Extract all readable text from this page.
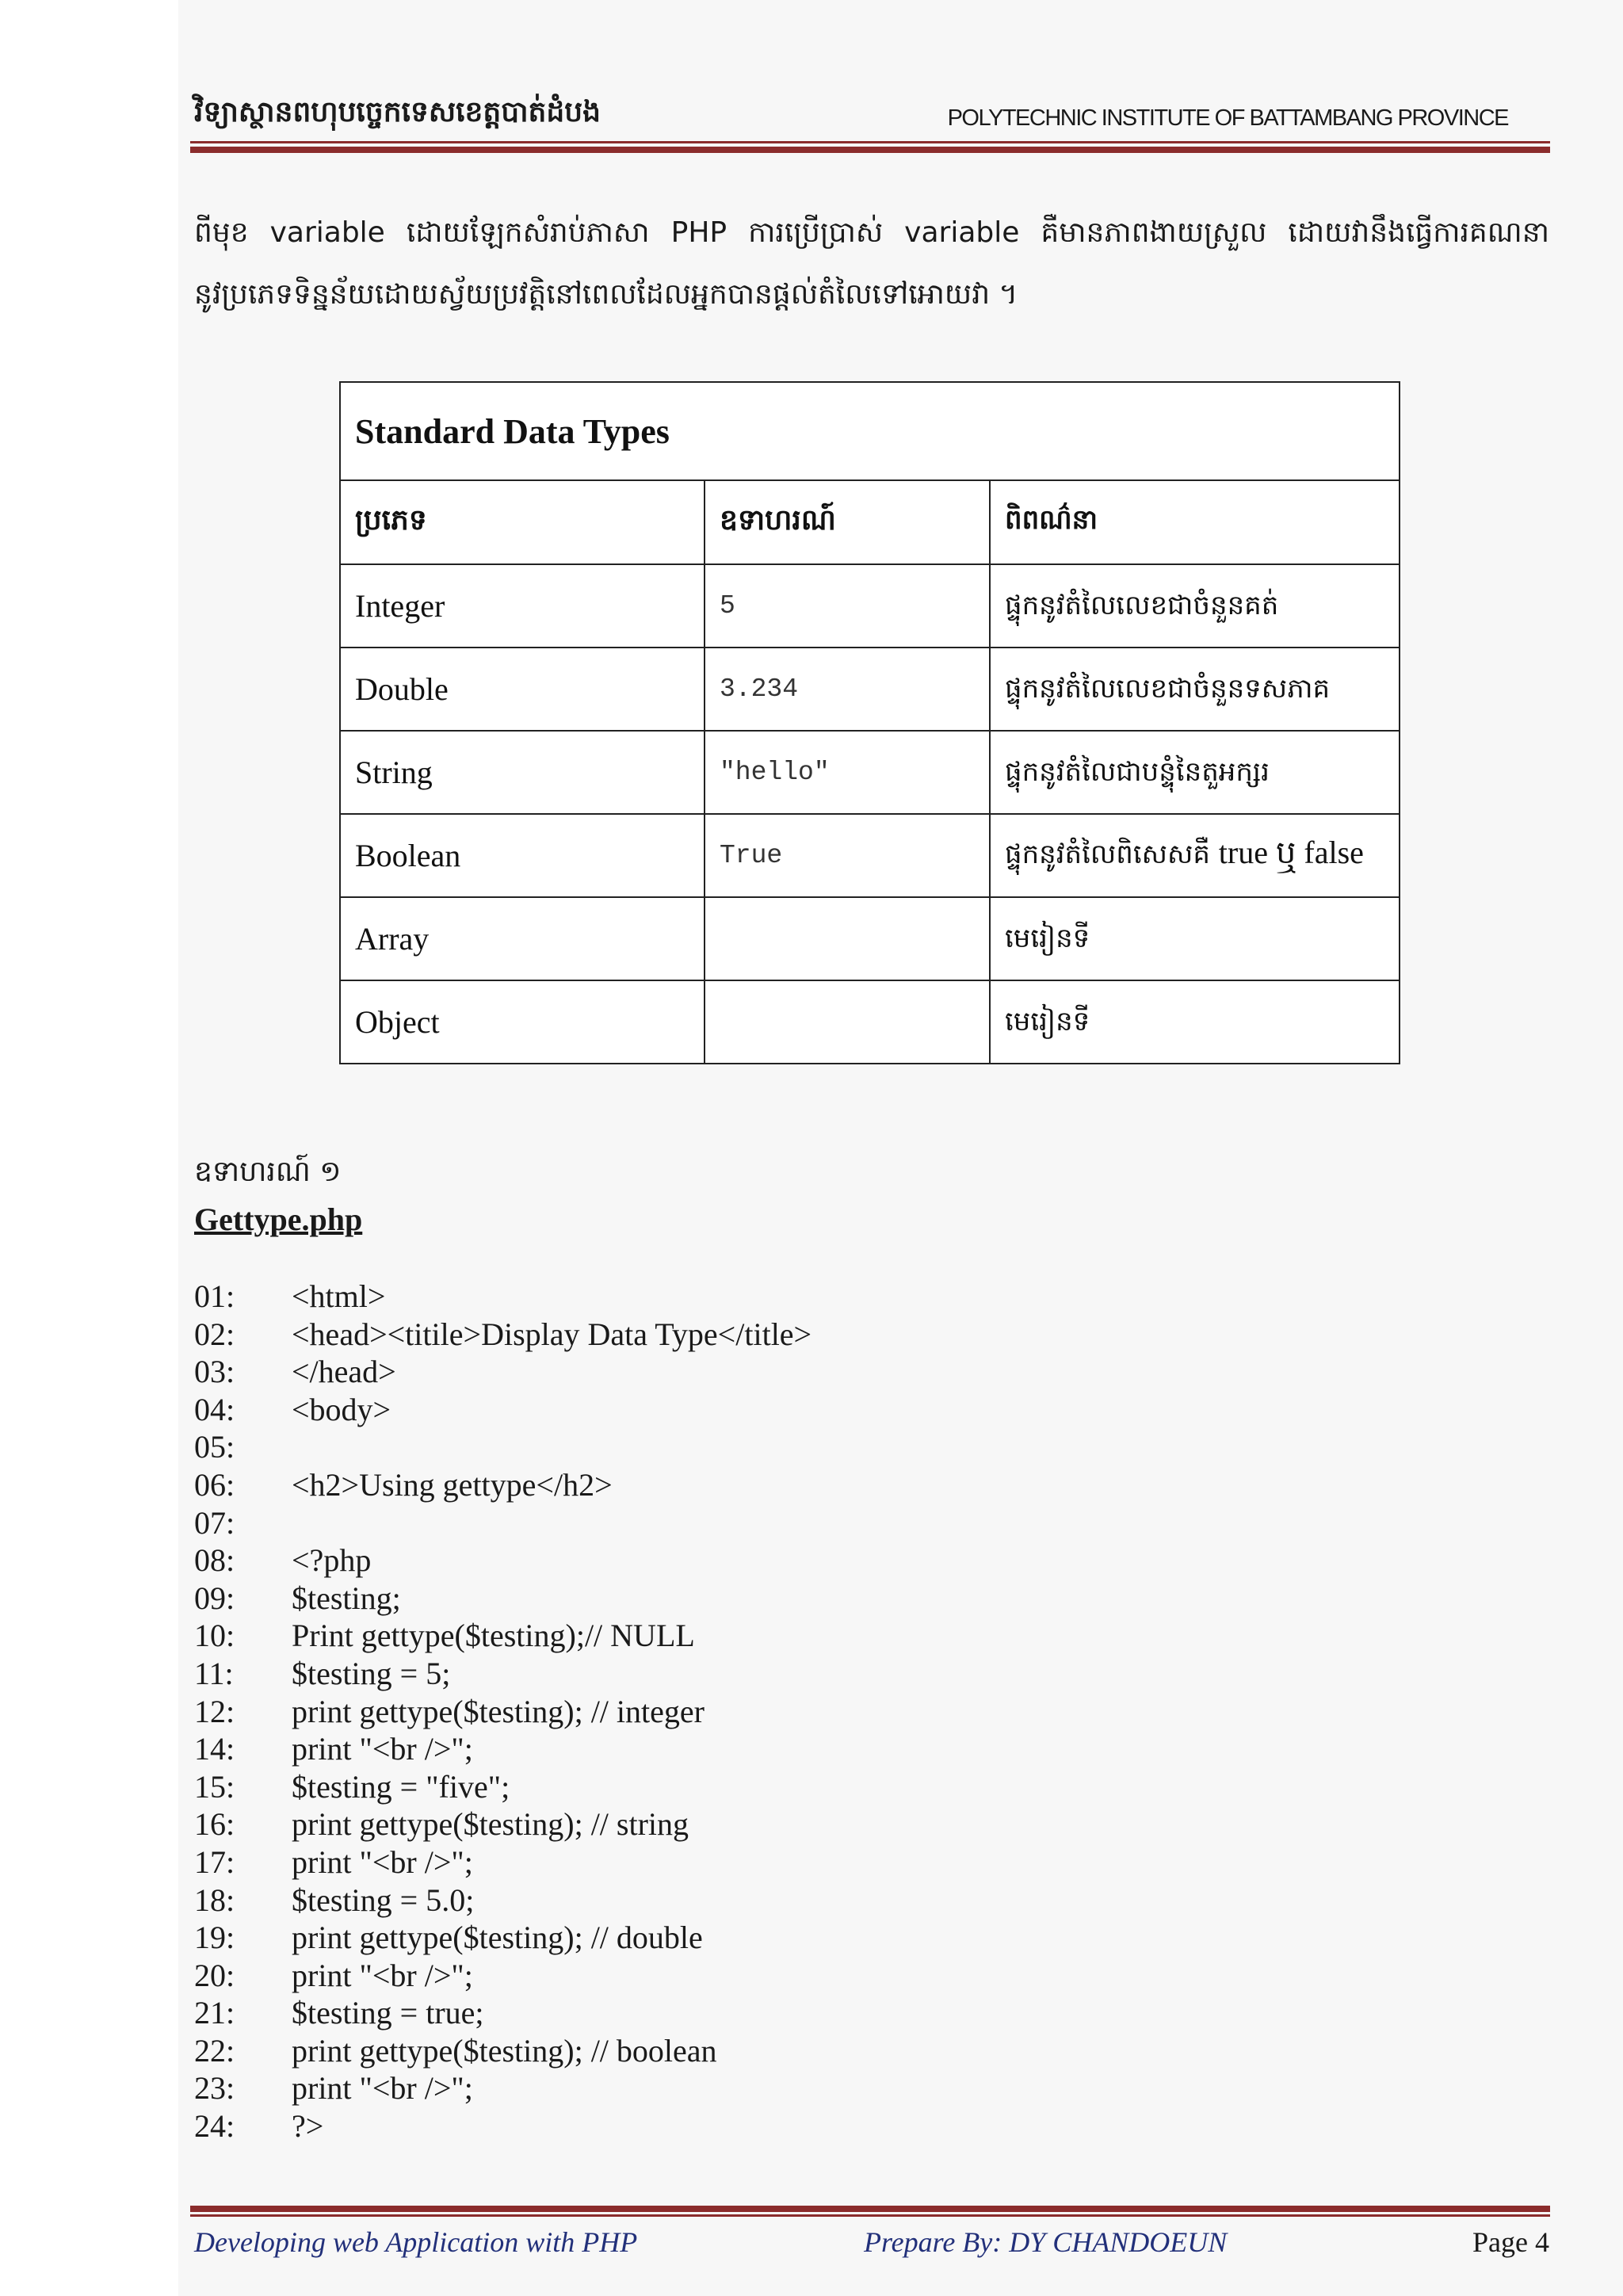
វិទ្យាស្ថានពហុបច្ចេកទេសខេត្តបាត់ដំបង	POLYTECHNIC INSTITUTE OF BATTAMBANG PROVINCE
ពីមុខ variable ដោយឡែកសំរាប់ភាសា PHP ការប្រើប្រាស់ variable គឺមានភាពងាយស្រួល ដោយវានឹងធ្វើការគណនា
នូវប្រភេទទិន្នន័យដោយស្វ័យប្រវត្តិនៅពេលដែលអ្នកបានផ្តល់តំលៃទៅអោយវា ។
Standard Data Types		
ប្រភេទ	ឧទាហរណ៍	ពិពណ៌នា
Integer	5	ផ្ទុកនូវតំលៃលេខជាចំនួនគត់
Double	3.234	ផ្ទុកនូវតំលៃលេខជាចំនួនទសភាគ
String	"hello"	ផ្ទុកនូវតំលៃជាបន្ទុំនៃតួអក្សរ
Boolean	True	ផ្ទុកនូវតំលៃពិសេសគឺ true ឬ false
Array		មេរៀនទី
Object		មេរៀនទី
ឧទាហរណ៍ ១
Gettype.php
01: <html>
02: <head><titile>Display Data Type</title>
03: </head>
04: <body>
05:
06: <h2>Using gettype</h2>
07:
08: <?php
09: $testing;
10: Print gettype($testing);// NULL
11: $testing = 5;
12: print gettype($testing); // integer
14: print "<br />";
15: $testing = "five";
16: print gettype($testing); // string
17: print "<br />";
18: $testing = 5.0;
19: print gettype($testing); // double
20: print "<br />";
21: $testing = true;
22: print gettype($testing); // boolean
23: print "<br />";
24: ?>
Developing web Application with PHP	Prepare By: DY CHANDOEUN	Page 4
